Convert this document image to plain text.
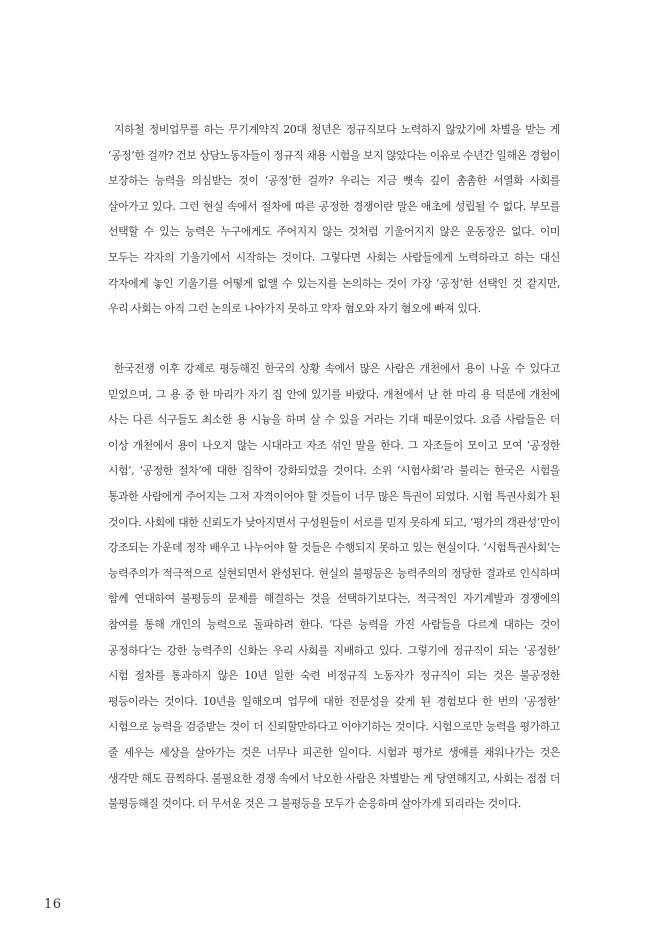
지하철 정비업무를 하는 무기계약직 20대 청년은 정규직보다 노력하지 않았기에 차별을 받는 게 ‘공정’한 걸까? 건보 상담노동자들이 정규직 채용 시험을 보지 않았다는 이유로 수년간 일해온 경험이 보장하는 능력을 의심받는 것이 ‘공정’한 걸까? 우리는 지금 뼛속 깊이 촘촘한 서열화 사회를 살아가고 있다. 그런 현실 속에서 절차에 따른 공정한 경쟁이란 말은 애초에 성립될 수 없다. 부모를 선택할 수 있는 능력은 누구에게도 주어지지 않는 것처럼 기울어지지 않은 운동장은 없다. 이미 모두는 각자의 기울기에서 시작하는 것이다. 그렇다면 사회는 사람들에게 노력하라고 하는 대신 각자에게 놓인 기울기를 어떻게 없앨 수 있는지를 논의하는 것이 가장 ‘공정’한 선택인 것 같지만, 우리 사회는 아직 그런 논의로 나아가지 못하고 약자 혐오와 자기 혐오에 빠져 있다.

한국전쟁 이후 강제로 평등해진 한국의 상황 속에서 많은 사람은 개천에서 용이 나올 수 있다고 믿었으며, 그 용 중 한 마리가 자기 집 안에 있기를 바랐다. 개천에서 난 한 마리 용 덕분에 개천에 사는 다른 식구들도 최소한 용 시늉을 하며 살 수 있을 거라는 기대 때문이었다. 요즘 사람들은 더 이상 개천에서 용이 나오지 않는 시대라고 자조 섞인 말을 한다. 그 자조들이 모이고 모여 ‘공정한 시험’, ‘공정한 절차’에 대한 집착이 강화되었을 것이다. 소위 ‘시험사회’라 불리는 한국은 시험을 통과한 사람에게 주어지는 그저 자격이어야 할 것들이 너무 많은 특권이 되었다. 시험 특권사회가 된 것이다. 사회에 대한 신뢰도가 낮아지면서 구성원들이 서로를 믿지 못하게 되고, ‘평가의 객관성’만이 강조되는 가운데 정작 배우고 나누어야 할 것들은 수행되지 못하고 있는 현실이다. ‘시험특권사회’는 능력주의가 적극적으로 실현되면서 완성된다. 현실의 불평등은 능력주의의 정당한 결과로 인식하며 함께 연대하여 불평등의 문제를 해결하는 것을 선택하기보다는, 적극적인 자기계발과 경쟁에의 참여를 통해 개인의 능력으로 돌파하려 한다. ‘다른 능력을 가진 사람들을 다르게 대하는 것이 공정하다’는 강한 능력주의 신화는 우리 사회를 지배하고 있다. 그렇기에 정규직이 되는 ‘공정한’ 시험 절차를 통과하지 않은 10년 일한 숙련 비정규직 노동자가 정규직이 되는 것은 불공정한 평등이라는 것이다. 10년을 일해오며 업무에 대한 전문성을 갖게 된 경험보다 한 번의 ‘공정한’ 시험으로 능력을 검증받는 것이 더 신뢰할만하다고 이야기하는 것이다. 시험으로만 능력을 평가하고 줄 세우는 세상을 살아가는 것은 너무나 피곤한 일이다. 시험과 평가로 생애를 채워나가는 것은 생각만 해도 끔찍하다. 불필요한 경쟁 속에서 낙오한 사람은 차별받는 게 당연해지고, 사회는 점점 더 불평등해질 것이다. 더 무서운 것은 그 불평등을 모두가 순응하며 살아가게 되리라는 것이다.

16
